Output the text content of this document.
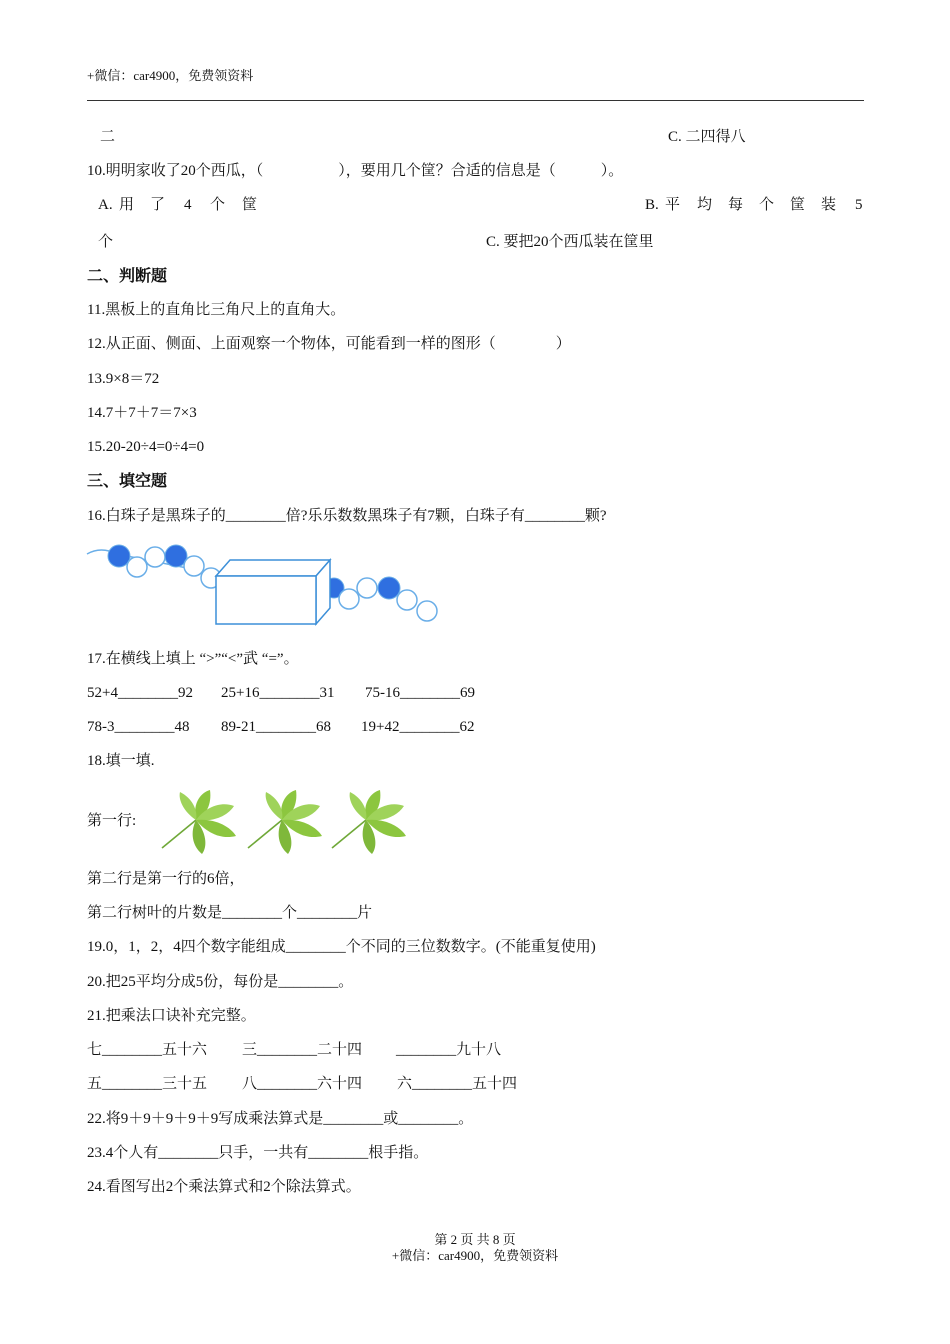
+微信：car4900，免费领资料
二	C. 二四得八
10.明明家收了20个西瓜，（　　　　　），要用几个筐？合适的信息是（　　　）。
A. 用 了 4 个 筐	B. 平 均 每 个 筐 装 5
个	C. 要把20个西瓜装在筐里
二、判断题
11.黑板上的直角比三角尺上的直角大。
12.从正面、侧面、上面观察一个物体，可能看到一样的图形（　　　　）
13.9×8＝72
14.7＋7＋7＝7×3
15.20-20÷4=0÷4=0
三、填空题
16.白珠子是黑珠子的________倍?乐乐数数黑珠子有7颗，白珠子有________颗?
17.在横线上填上 “>”“<”武 “=”。
52+4________92 25+16________31 75-16________69
78-3________48 89-21________68 19+42________62
18.填一填.
第一行:
第二行是第一行的6倍，
第二行树叶的片数是________个________片
19.0，1，2，4四个数字能组成________个不同的三位数数字。(不能重复使用)
20.把25平均分成5份，每份是________。
21.把乘法口诀补充完整。
七________五十六 三________二十四 ________九十八
五________三十五 八________六十四 六________五十四
22.将9＋9＋9＋9＋9写成乘法算式是________或________。
23.4个人有________只手，一共有________根手指。
24.看图写出2个乘法算式和2个除法算式。
第 2 页 共 8 页
+微信：car4900，免费领资料
